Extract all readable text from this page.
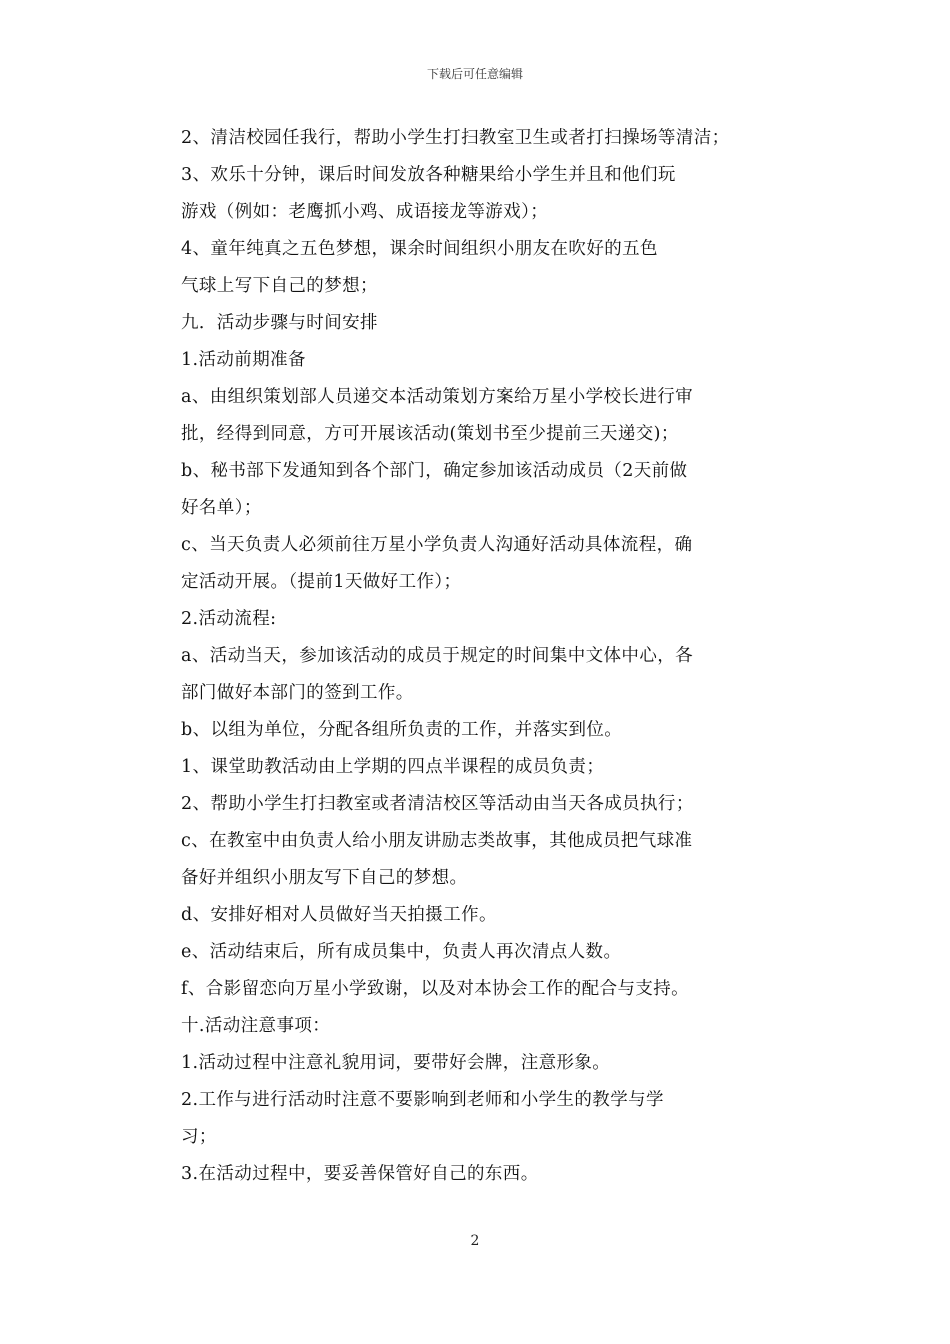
下载后可任意编辑
2、清洁校园任我行，帮助小学生打扫教室卫生或者打扫操场等清洁；
3、欢乐十分钟，课后时间发放各种糖果给小学生并且和他们玩
游戏（例如：老鹰抓小鸡、成语接龙等游戏）；
4、童年纯真之五色梦想，课余时间组织小朋友在吹好的五色
气球上写下自己的梦想；
九．活动步骤与时间安排
1.活动前期准备
a、由组织策划部人员递交本活动策划方案给万星小学校长进行审
批，经得到同意，方可开展该活动(策划书至少提前三天递交)；
b、秘书部下发通知到各个部门，确定参加该活动成员（2天前做
好名单）；
c、当天负责人必须前往万星小学负责人沟通好活动具体流程，确
定活动开展。（提前1天做好工作）；
2.活动流程:
a、活动当天，参加该活动的成员于规定的时间集中文体中心，各
部门做好本部门的签到工作。
b、以组为单位，分配各组所负责的工作，并落实到位。
1、课堂助教活动由上学期的四点半课程的成员负责；
2、帮助小学生打扫教室或者清洁校区等活动由当天各成员执行；
c、在教室中由负责人给小朋友讲励志类故事，其他成员把气球准
备好并组织小朋友写下自己的梦想。
d、安排好相对人员做好当天拍摄工作。
e、活动结束后，所有成员集中，负责人再次清点人数。
f、合影留恋向万星小学致谢，以及对本协会工作的配合与支持。
十.活动注意事项：
1.活动过程中注意礼貌用词，要带好会牌，注意形象。
2.工作与进行活动时注意不要影响到老师和小学生的教学与学
习；
3.在活动过程中，要妥善保管好自己的东西。
2
